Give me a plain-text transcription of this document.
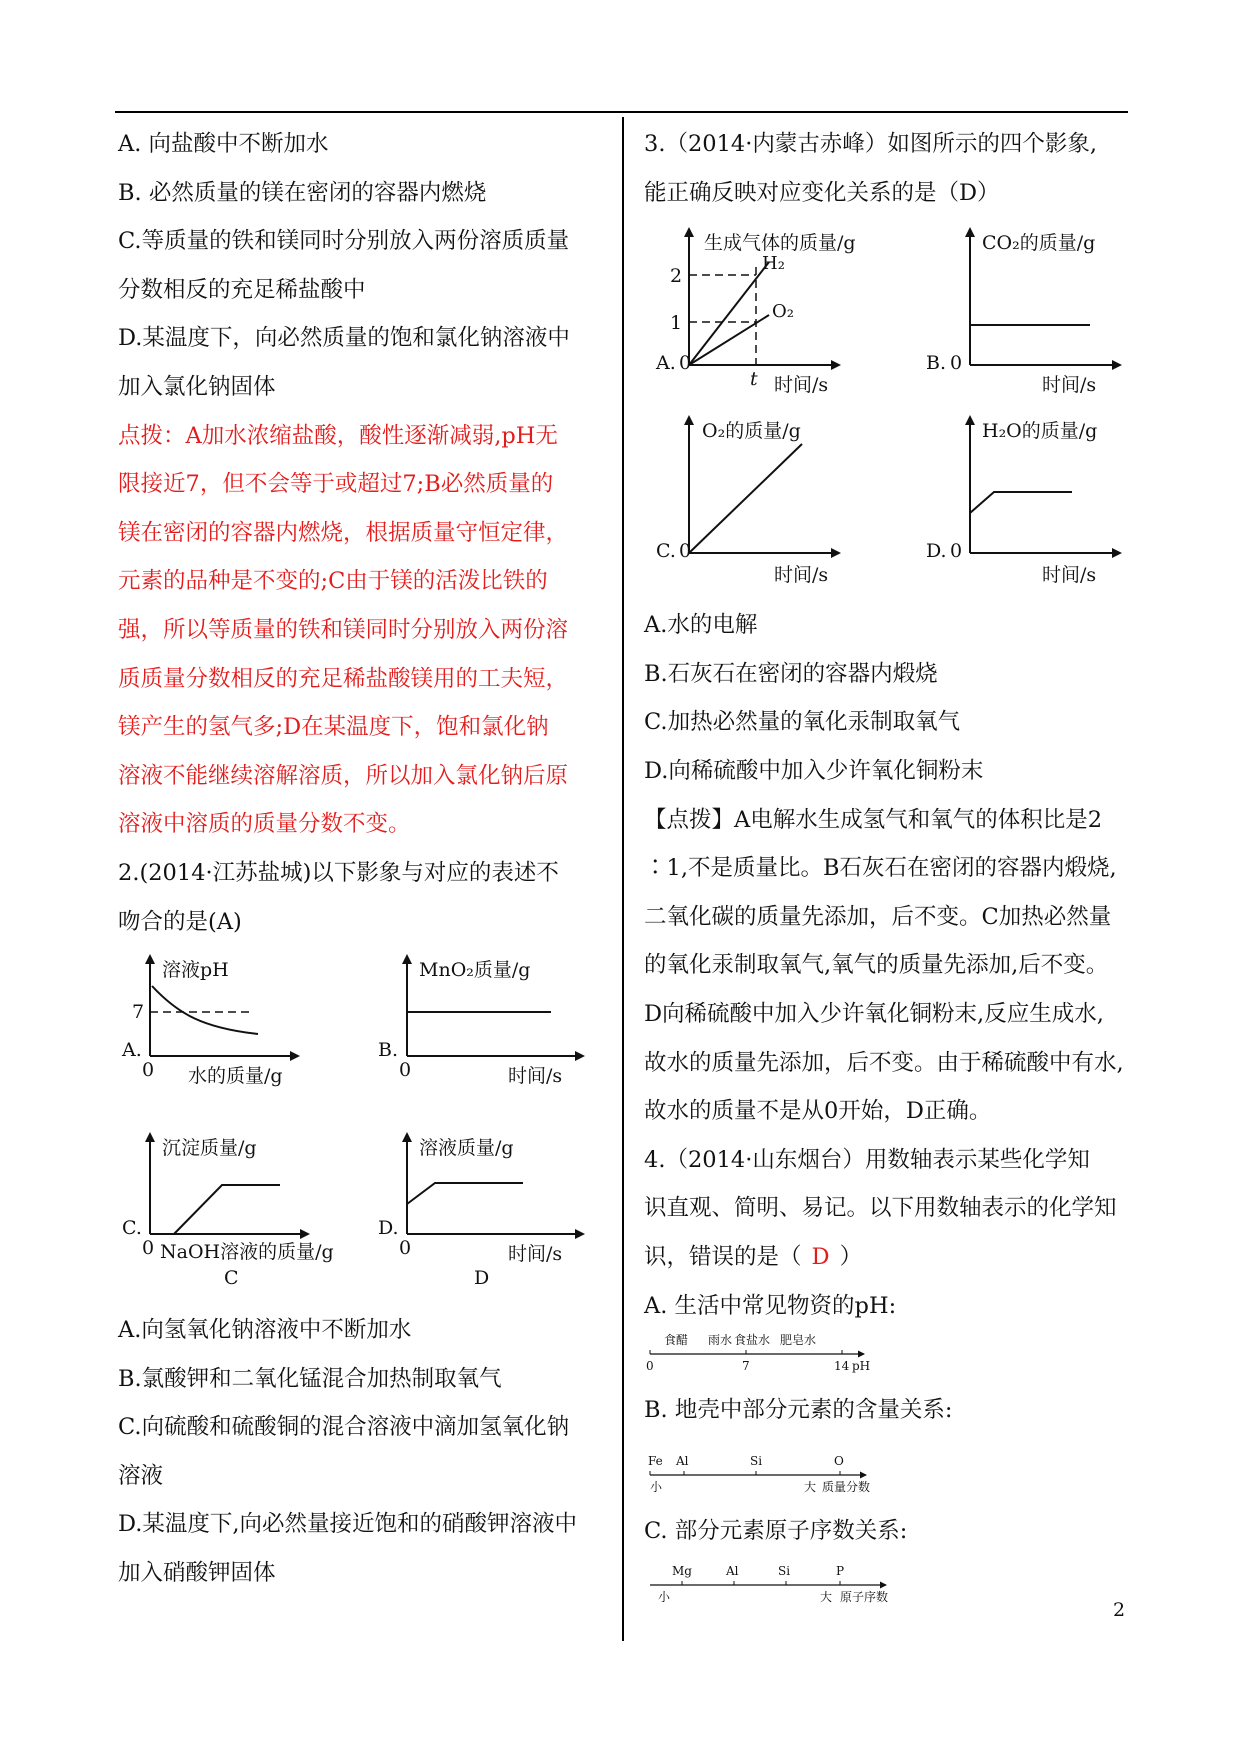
A. 向盐酸中不断加水

B. 必然质量的镁在密闭的容器内燃烧

C.等质量的铁和镁同时分别放入两份溶质质量

分数相反的充足稀盐酸中

D.某温度下，向必然质量的饱和氯化钠溶液中

加入氯化钠固体

点拨：A加水浓缩盐酸，酸性逐渐减弱,pH无

限接近7，但不会等于或超过7;B必然质量的

镁在密闭的容器内燃烧，根据质量守恒定律，

元素的品种是不变的;C由于镁的活泼比铁的

强，所以等质量的铁和镁同时分别放入两份溶

质质量分数相反的充足稀盐酸镁用的工夫短，

镁产生的氢气多;D在某温度下，饱和氯化钠

溶液不能继续溶解溶质，所以加入氯化钠后原

溶液中溶质的质量分数不变。

2.(2014·江苏盐城)以下影象与对应的表述不

吻合的是(A)

溶液pH
7
A.
0 水的质量/g
MnO₂质量/g
B.
0	时间/s
沉淀质量/g
C.
0 NaOH溶液的质量/g
C
溶液质量/g
D.
0	时间/s
D

A.向氢氧化钠溶液中不断加水

B.氯酸钾和二氧化锰混合加热制取氧气

C.向硫酸和硫酸铜的混合溶液中滴加氢氧化钠

溶液

D.某温度下,向必然量接近饱和的硝酸钾溶液中

加入硝酸钾固体

3.（2014·内蒙古赤峰）如图所示的四个影象,

能正确反映对应变化关系的是（D）

生成气体的质量/g
2
1
H₂
O₂
A. 0
t 时间/s
CO₂的质量/g
B. 0
时间/s
O₂的质量/g
C. 0
时间/s
H₂O的质量/g
D. 0
时间/s

A.水的电解

B.石灰石在密闭的容器内煅烧

C.加热必然量的氧化汞制取氧气

D.向稀硫酸中加入少许氧化铜粉末

【点拨】A电解水生成氢气和氧气的体积比是2

∶1,不是质量比。B石灰石在密闭的容器内煅烧,

二氧化碳的质量先添加，后不变。C加热必然量

的氧化汞制取氧气,氧气的质量先添加,后不变。

D向稀硫酸中加入少许氧化铜粉末,反应生成水,

故水的质量先添加，后不变。由于稀硫酸中有水,

故水的质量不是从0开始，D正确。

4.（2014·山东烟台）用数轴表示某些化学知

识直观、简明、易记。以下用数轴表示的化学知

识，错误的是（ D ）

A. 生活中常见物资的pH:

食醋 雨水 食盐水 肥皂水
0	7	14 pH

B. 地壳中部分元素的含量关系:

Fe Al	Si	O
小	大 质量分数

C. 部分元素原子序数关系:

Mg	Al	Si	P
小	大 原子序数
2
